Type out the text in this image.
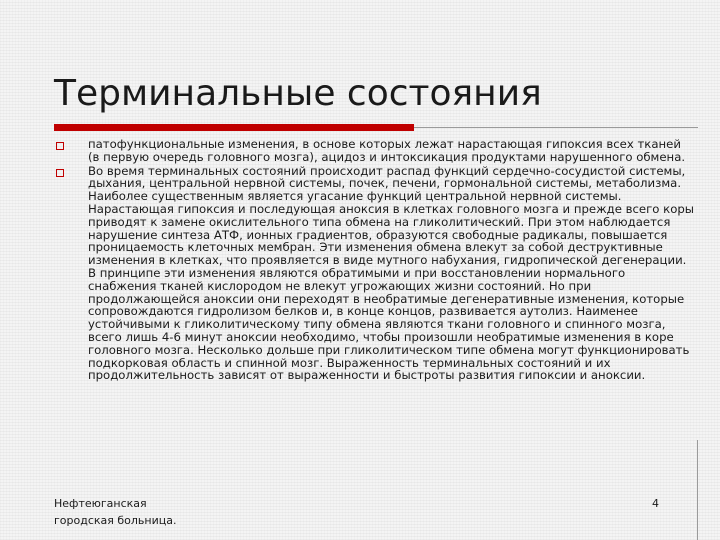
Терминальные состояния
патофункциональные изменения, в основе которых лежат нарастающая гипоксия всех тканей (в первую очередь головного мозга), ацидоз и интоксикация продуктами нарушенного обмена.
Во время терминальных состояний происходит распад функций сердечно-сосудистой системы, дыхания, центральной нервной системы, почек, печени, гормональной системы, метаболизма. Наиболее существенным является угасание функций центральной нервной системы. Нарастающая гипоксия и последующая аноксия в клетках головного мозга и прежде всего коры приводят к замене окислительного типа обмена на гликолитический. При этом наблюдается нарушение синтеза АТФ, ионных градиентов, образуются свободные радикалы, повышается проницаемость клеточных мембран. Эти изменения обмена влекут за собой деструктивные изменения в клетках, что проявляется в виде мутного набухания, гидропической дегенерации. В принципе эти изменения являются обратимыми и при восстановлении нормального снабжения тканей кислородом не влекут угрожающих жизни состояний. Но при продолжающейся аноксии они переходят в необратимые дегенеративные изменения, которые сопровождаются гидролизом белков и, в конце концов, развивается аутолиз. Наименее устойчивыми к гликолитическому типу обмена являются ткани головного и спинного мозга, всего лишь 4-6 минут аноксии необходимо, чтобы произошли необратимые изменения в коре головного мозга. Несколько дольше при гликолитическом типе обмена могут функционировать подкорковая область и спинной мозг. Выраженность терминальных состояний и их продолжительность зависят от выраженности и быстроты развития гипоксии и аноксии.
Нефтеюганская
городская больница.
4
